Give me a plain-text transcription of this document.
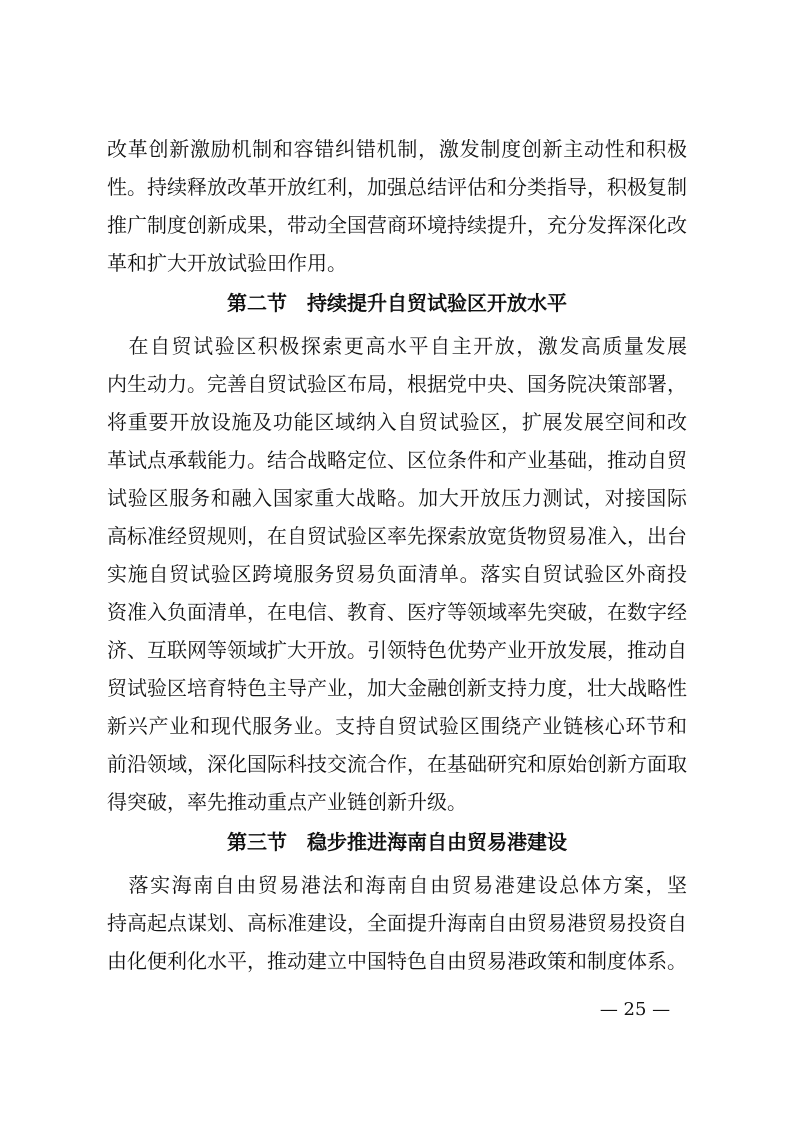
改革创新激励机制和容错纠错机制，激发制度创新主动性和积极
性。持续释放改革开放红利，加强总结评估和分类指导，积极复制
推广制度创新成果，带动全国营商环境持续提升，充分发挥深化改
革和扩大开放试验田作用。
第二节　持续提升自贸试验区开放水平
　在自贸试验区积极探索更高水平自主开放，激发高质量发展
内生动力。完善自贸试验区布局，根据党中央、国务院决策部署，
将重要开放设施及功能区域纳入自贸试验区，扩展发展空间和改
革试点承载能力。结合战略定位、区位条件和产业基础，推动自贸
试验区服务和融入国家重大战略。加大开放压力测试，对接国际
高标准经贸规则，在自贸试验区率先探索放宽货物贸易准入，出台
实施自贸试验区跨境服务贸易负面清单。落实自贸试验区外商投
资准入负面清单，在电信、教育、医疗等领域率先突破，在数字经
济、互联网等领域扩大开放。引领特色优势产业开放发展，推动自
贸试验区培育特色主导产业，加大金融创新支持力度，壮大战略性
新兴产业和现代服务业。支持自贸试验区围绕产业链核心环节和
前沿领域，深化国际科技交流合作，在基础研究和原始创新方面取
得突破，率先推动重点产业链创新升级。
第三节　稳步推进海南自由贸易港建设
　落实海南自由贸易港法和海南自由贸易港建设总体方案，坚
持高起点谋划、高标准建设，全面提升海南自由贸易港贸易投资自
由化便利化水平，推动建立中国特色自由贸易港政策和制度体系。
— 25 —
